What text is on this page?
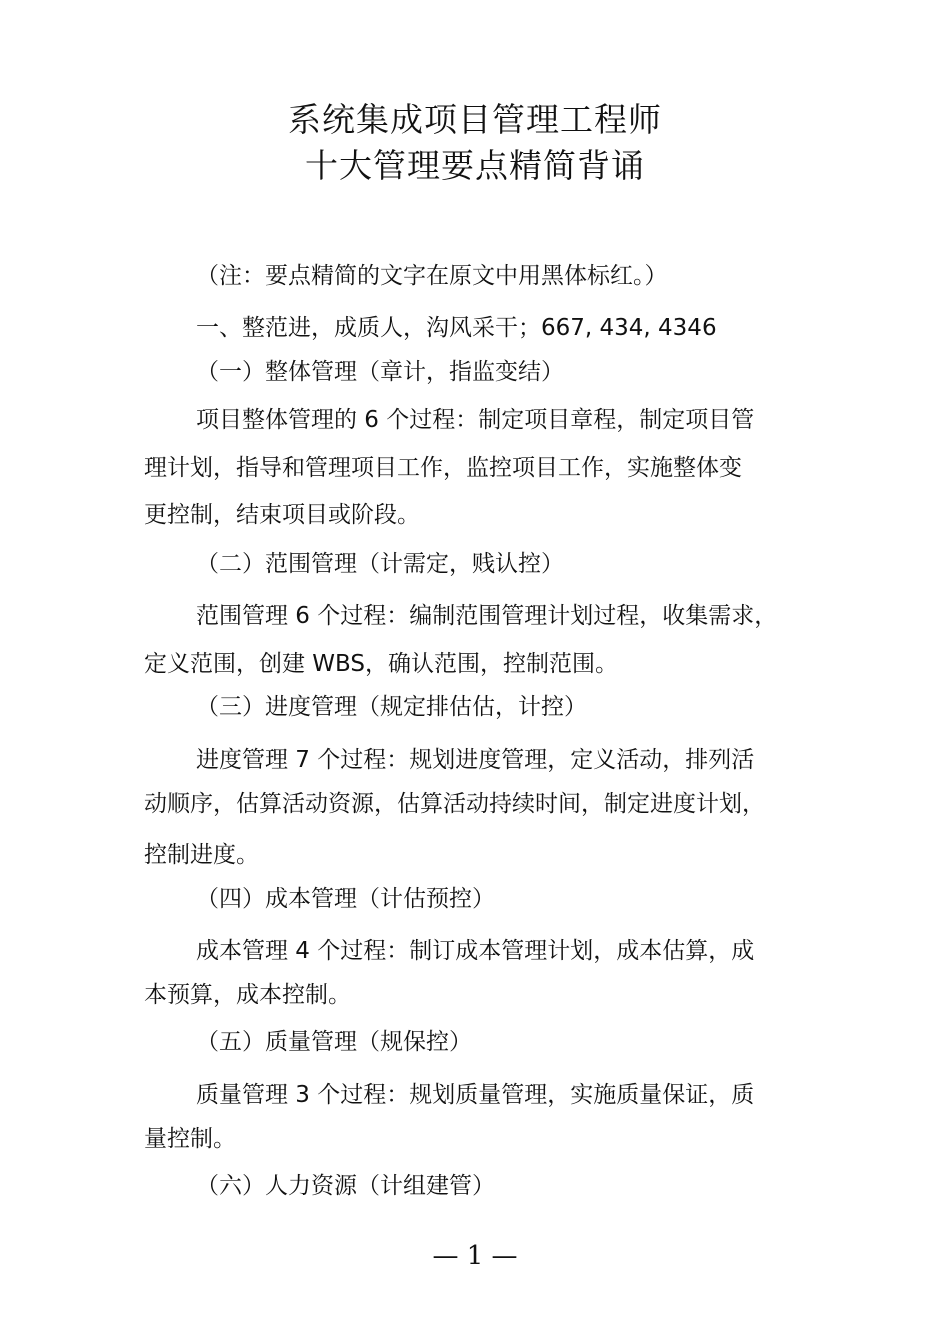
系统集成项目管理工程师
十大管理要点精简背诵
（注：要点精简的文字在原文中用黑体标红。）
一、整范进，成质人，沟风采干；667, 434, 4346
（一）整体管理（章计，指监变结）
项目整体管理的 6 个过程：制定项目章程，制定项目管
理计划，指导和管理项目工作，监控项目工作，实施整体变
更控制，结束项目或阶段。
（二）范围管理（计需定，贱认控）
范围管理 6 个过程：编制范围管理计划过程，收集需求，
定义范围，创建 WBS，确认范围，控制范围。
（三）进度管理（规定排估估，计控）
进度管理 7 个过程：规划进度管理，定义活动，排列活
动顺序，估算活动资源，估算活动持续时间，制定进度计划，
控制进度。
（四）成本管理（计估预控）
成本管理 4 个过程：制订成本管理计划，成本估算，成
本预算，成本控制。
（五）质量管理（规保控）
质量管理 3 个过程：规划质量管理，实施质量保证，质
量控制。
（六）人力资源（计组建管）
— 1 —
